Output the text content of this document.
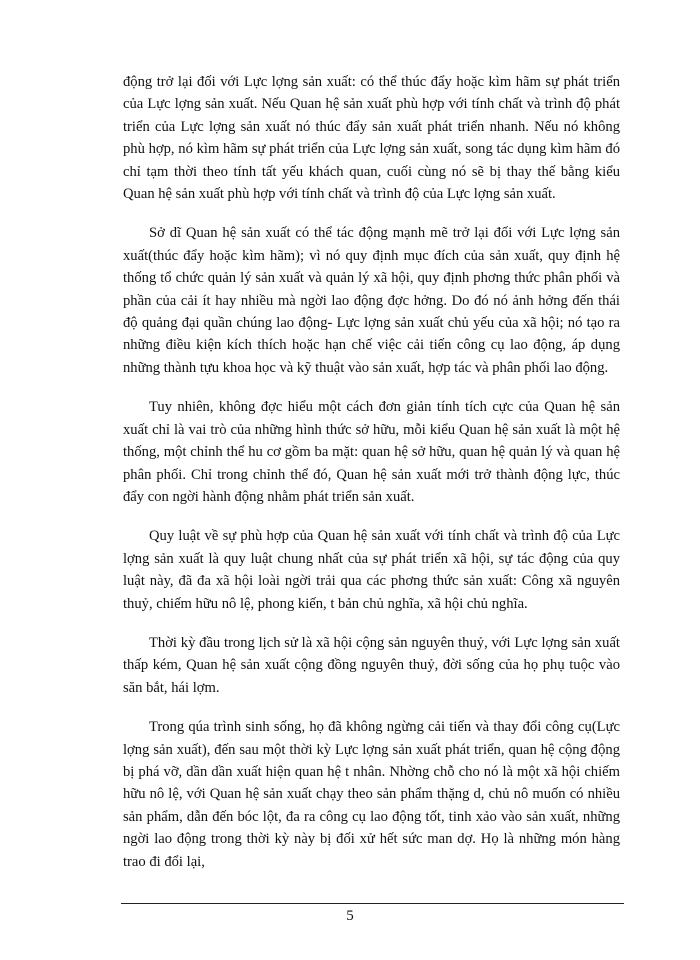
động trở lại đối với Lực lợng sản xuất: có thể thúc đẩy hoặc kìm hãm sự phát triển của Lực lợng sản xuất. Nếu Quan hệ sản xuất phù hợp với tính chất và trình độ phát triển của Lực lợng sản xuất nó thúc đẩy sản xuất phát triển nhanh. Nếu nó không phù hợp, nó kìm hãm sự phát triển của Lực lợng sản xuất, song tác dụng kìm hãm đó chỉ tạm thời theo tính tất yếu khách quan, cuối cùng nó sẽ bị thay thế bằng kiểu Quan hệ sản xuất phù hợp với tính chất và trình độ của Lực lợng sản xuất.

Sở dĩ Quan hệ sản xuất có thể tác động mạnh mẽ trở lại đối với Lực lợng sản xuất(thúc đẩy hoặc kìm hãm); vì nó quy định mục đích của sản xuất, quy định hệ thống tổ chức quản lý sản xuất và quản lý xã hội, quy định phơng thức phân phối và phần của cải ít hay nhiều mà ngời lao động đợc hởng. Do đó nó ảnh hởng đến thái độ quảng đại quần chúng lao động- Lực lợng sản xuất chủ yếu của xã hội; nó tạo ra những điều kiện kích thích hoặc hạn chế việc cải tiến công cụ lao động, áp dụng những thành tựu khoa học và kỹ thuật vào sản xuất, hợp tác và phân phối lao động.

Tuy nhiên, không đợc hiểu một cách đơn giản tính tích cực của Quan hệ sản xuất chỉ là vai trò của những hình thức sở hữu, mỗi kiểu Quan hệ sản xuất là một hệ thống, một chỉnh thể hu cơ gồm ba mặt: quan hệ sở hữu, quan hệ quản lý và quan hệ phân phối. Chỉ trong chỉnh thể đó, Quan hệ sản xuất mới trở thành động lực, thúc đẩy con ngời hành động nhằm phát triển sản xuất.

Quy luật về sự phù hợp của Quan hệ sản xuất với tính chất và trình độ của Lực lợng sản xuất là quy luật chung nhất của sự phát triển xã hội, sự tác động của quy luật này, đã đa xã hội loài ngời trải qua các phơng thức sản xuất: Công xã nguyên thuỷ, chiếm hữu nô lệ, phong kiến, t bản chủ nghĩa, xã hội chủ nghĩa.

Thời kỳ đầu trong lịch sử là xã hội cộng sản nguyên thuỷ, với Lực lợng sản xuất thấp kém, Quan hệ sản xuất cộng đồng nguyên thuỷ, đời sống của họ phụ tuộc vào săn bắt, hái lợm.

Trong qúa trình sinh sống, họ đã không ngừng cải tiến và thay đổi công cụ(Lực lợng sản xuất), đến sau một thời kỳ Lực lợng sản xuất phát triển, quan hệ cộng động bị phá vỡ, dần dần xuất hiện quan hệ t nhân. Nhờng chỗ cho nó là một xã hội chiếm hữu nô lệ, với Quan hệ sản xuất chạy theo sản phẩm thặng d, chủ nô muốn có nhiều sản phẩm, dẫn đến bóc lột, đa ra công cụ lao động tốt, tinh xảo vào sản xuất, những ngời lao động trong thời kỳ này bị đối xử hết sức man dợ. Họ là những món hàng trao đi đổi lại,

5
